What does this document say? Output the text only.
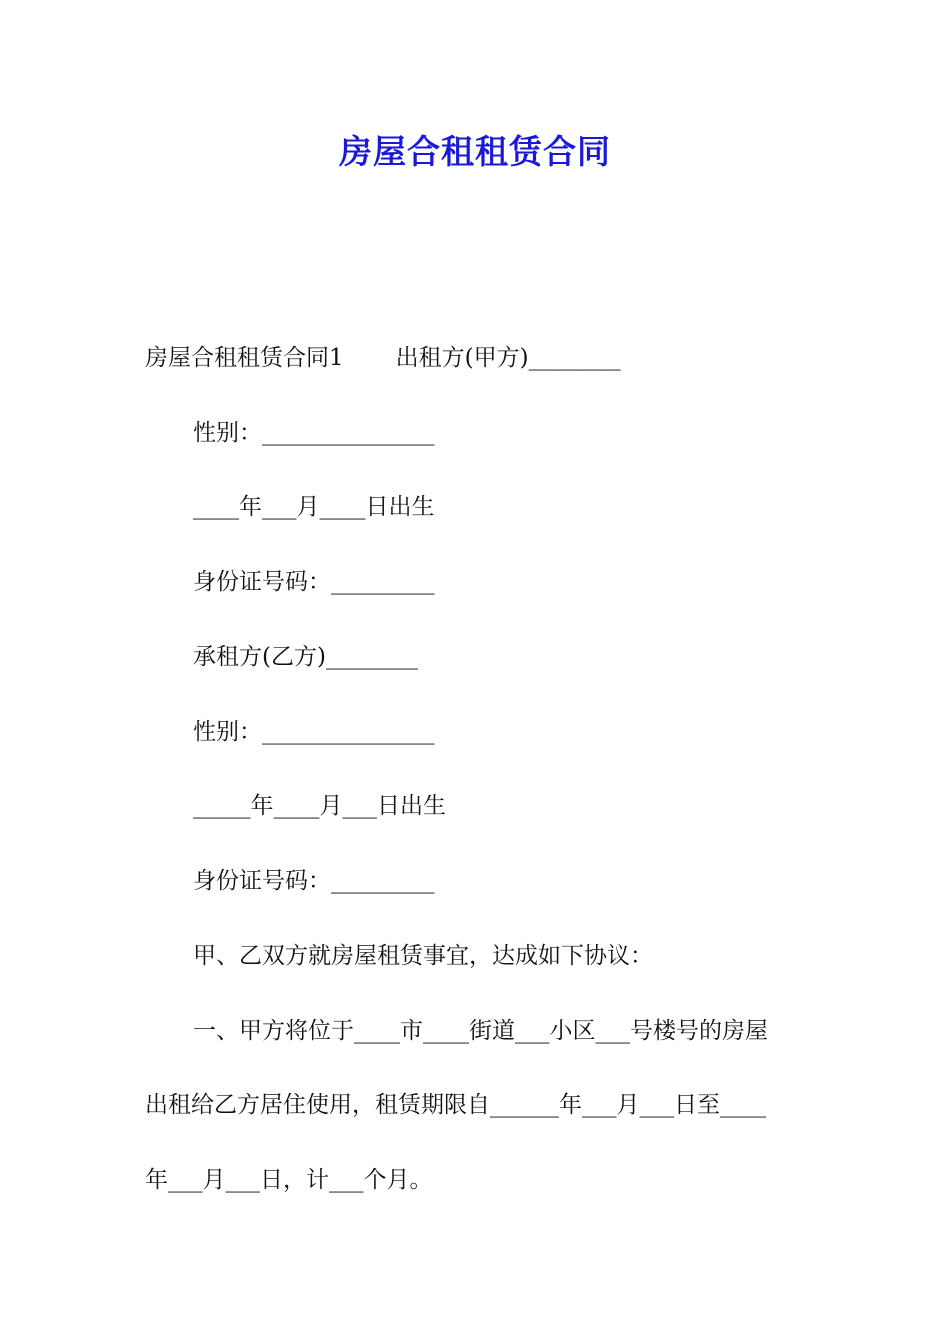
房屋合租租赁合同
房屋合租租赁合同1 出租方(甲方)________
性别：_______________
____年___月____日出生
身份证号码：_________
承租方(乙方)________
性别：_______________
_____年____月___日出生
身份证号码：_________
甲、乙双方就房屋租赁事宜，达成如下协议：
一、甲方将位于____市____街道___小区___号楼号的房屋
出租给乙方居住使用，租赁期限自______年___月___日至____
年___月___日，计___个月。
